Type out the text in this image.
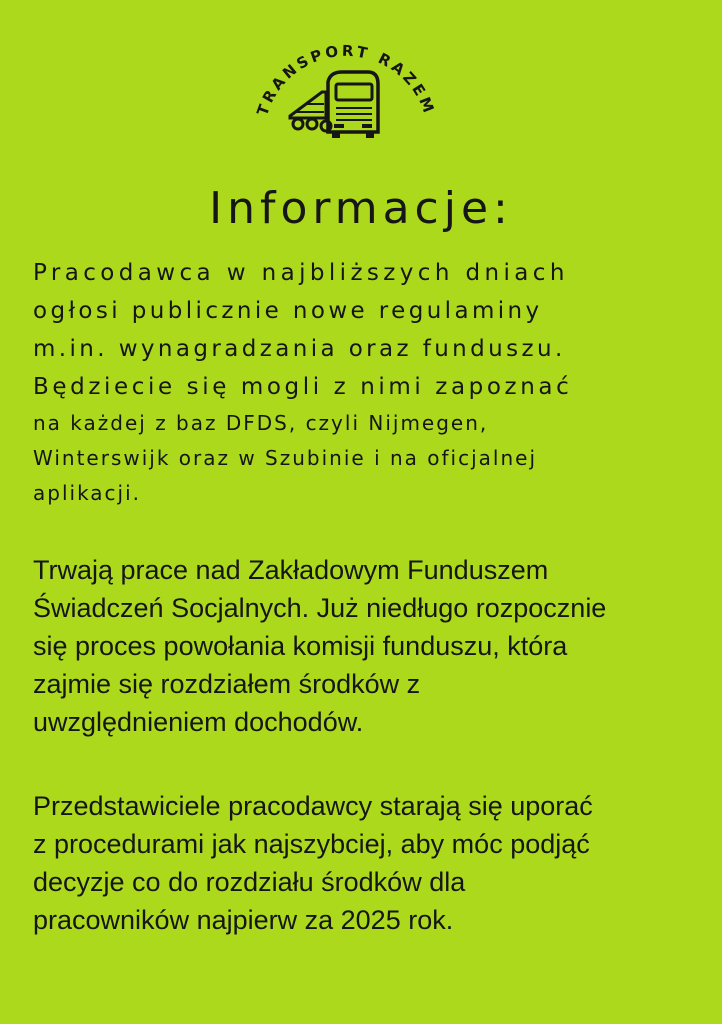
TRANSPORT RAZEM
Informacje:
Pracodawca w najbliższych dniach
ogłosi publicznie nowe regulaminy
m.in. wynagradzania oraz funduszu.
Będziecie się mogli z nimi zapoznać
na każdej z baz DFDS, czyli Nijmegen,
Winterswijk oraz w Szubinie i na oficjalnej
aplikacji.
Trwają prace nad Zakładowym Funduszem
Świadczeń Socjalnych. Już niedługo rozpocznie
się proces powołania komisji funduszu, która
zajmie się rozdziałem środków z
uwzględnieniem dochodów.
Przedstawiciele pracodawcy starają się uporać
z procedurami jak najszybciej, aby móc podjąć
decyzje co do rozdziału środków dla
pracowników najpierw za 2025 rok.
